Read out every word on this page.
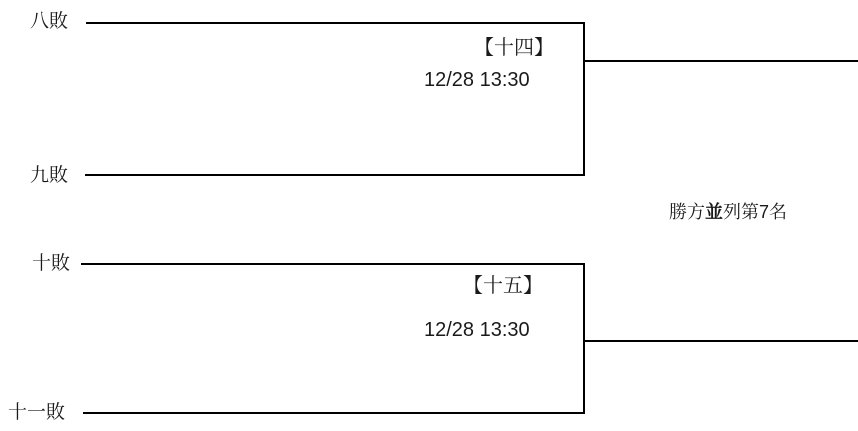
八敗
【十四】
12/28 13:30
九敗
勝方並列第7名
十敗
【十五】
12/28 13:30
十一敗
